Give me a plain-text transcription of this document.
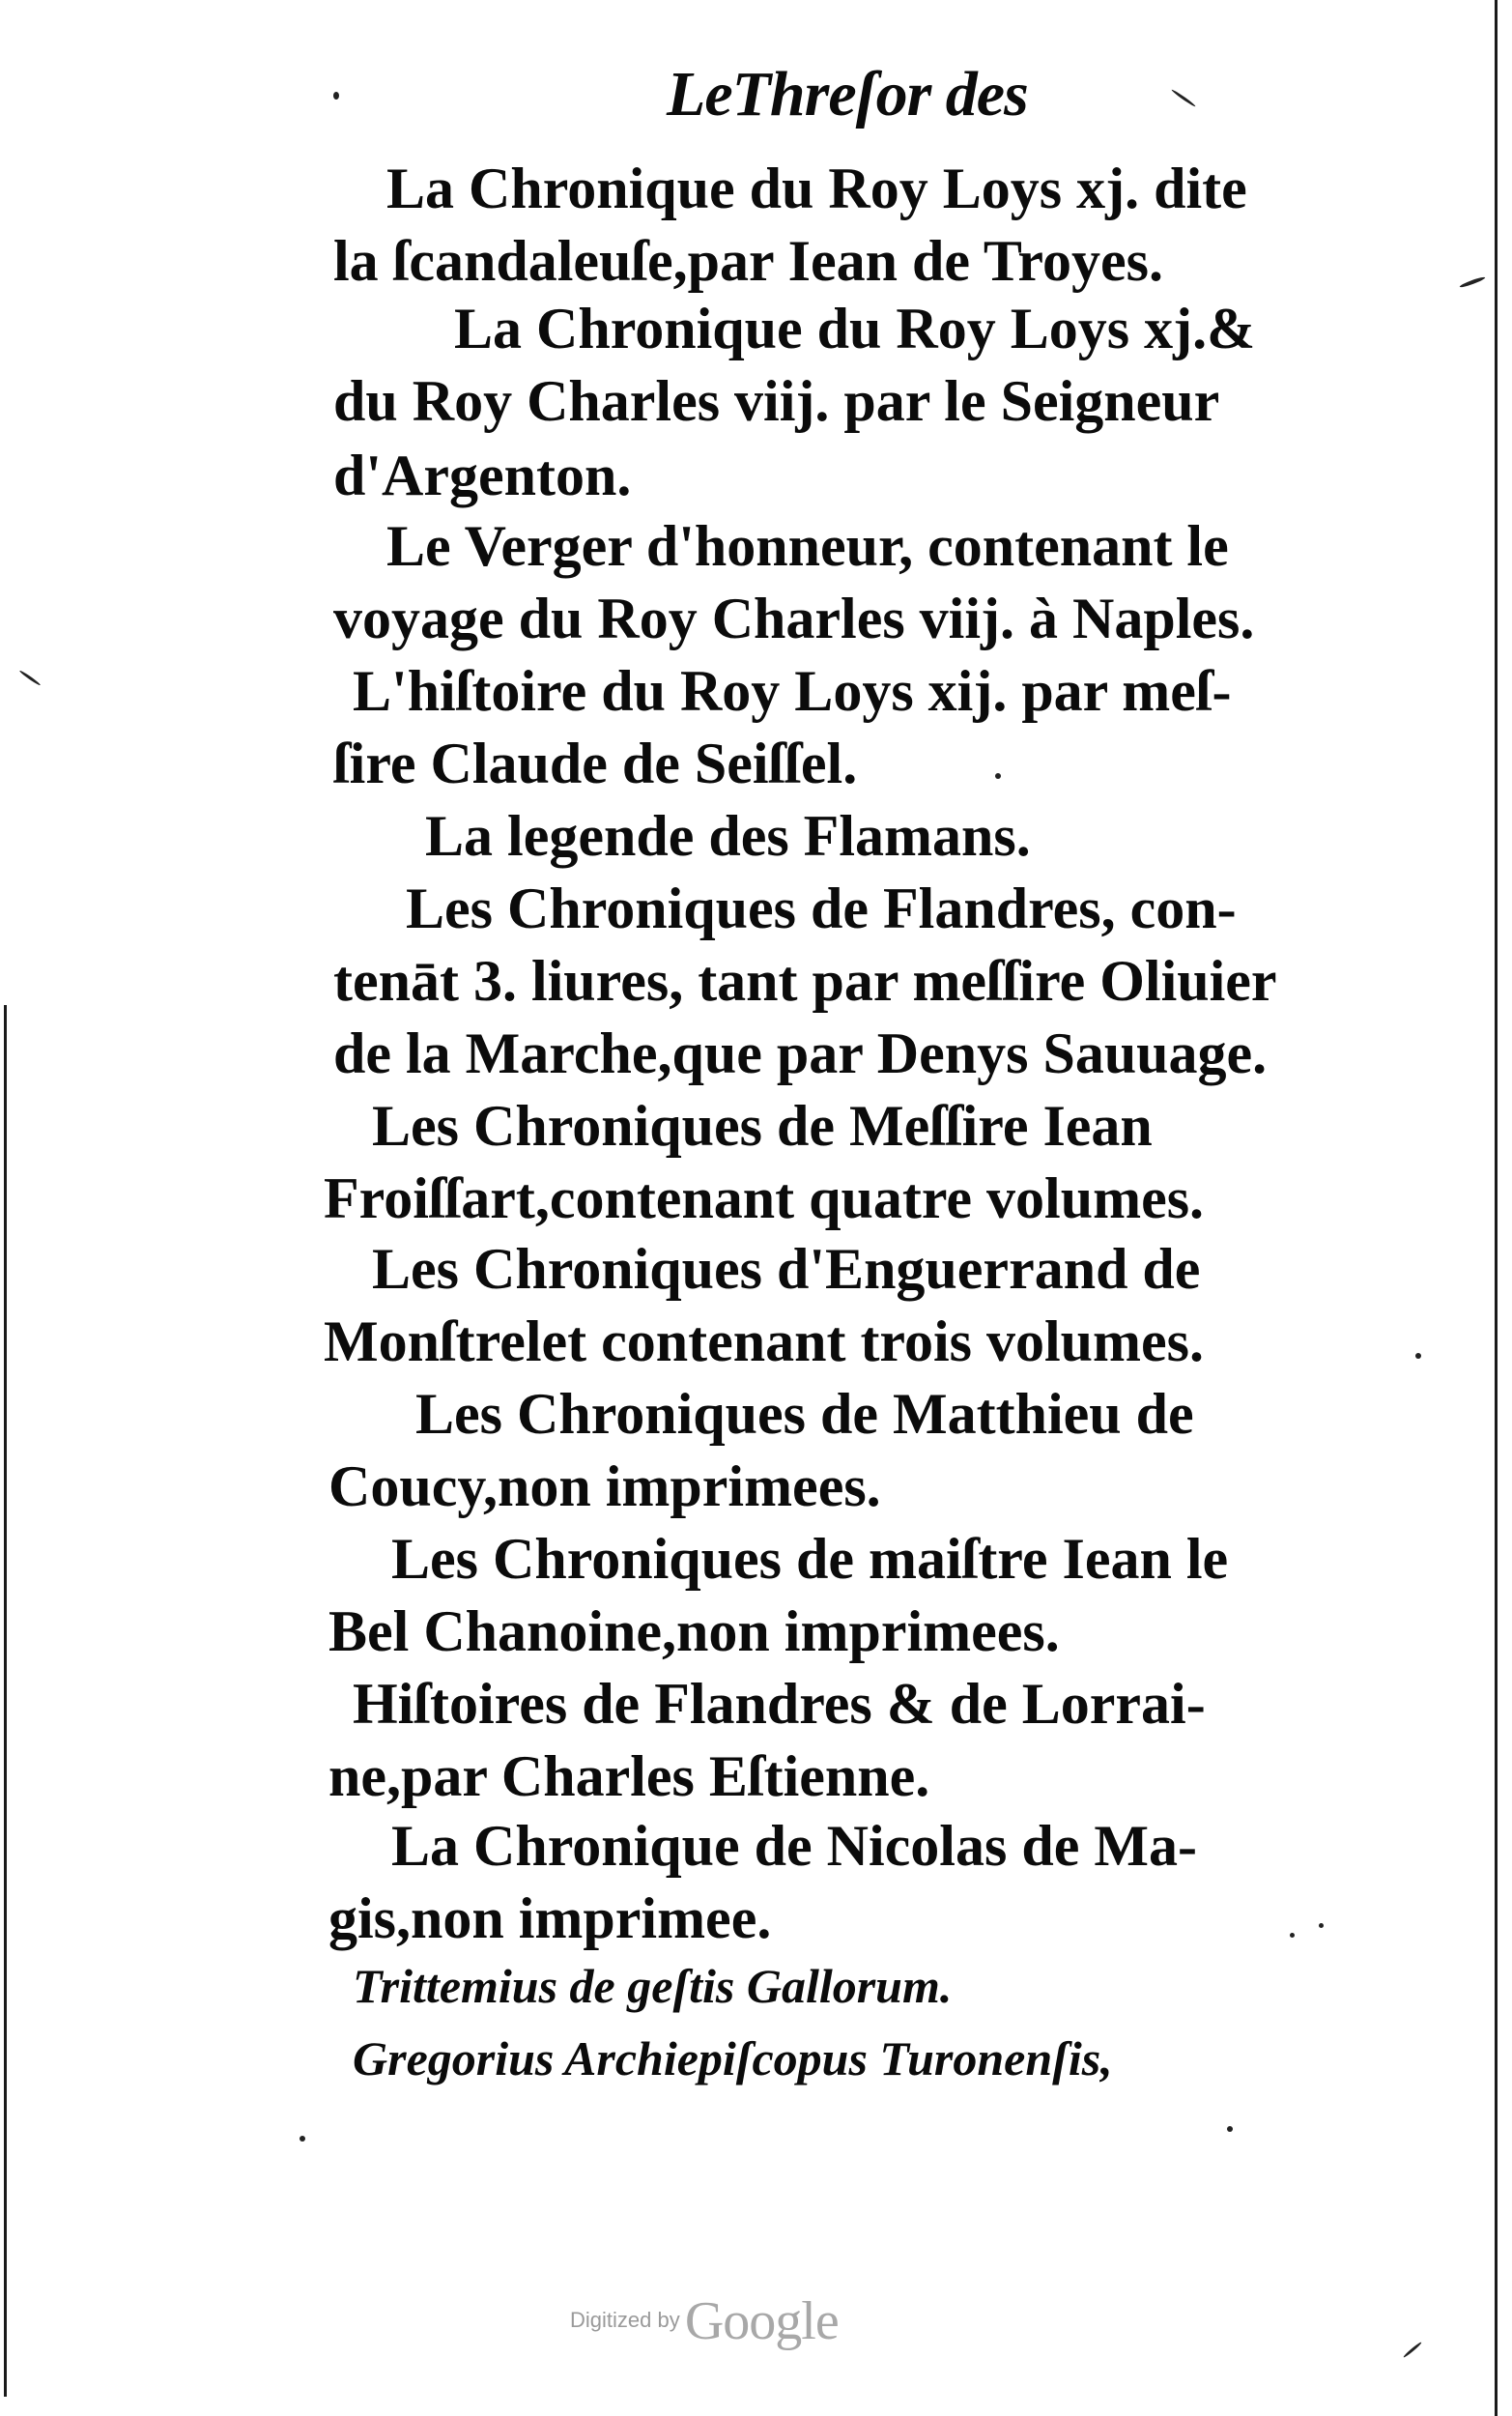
LeThreſor des
La Chronique du Roy Loys xj. dite
la ſcandaleuſe,par Iean de Troyes.
La Chronique du Roy Loys xj.&
du Roy Charles viij. par le Seigneur
d'Argenton.
Le Verger d'honneur, contenant le
voyage du Roy Charles viij. à Naples.
L'hiſtoire du Roy Loys xij. par meſ-
ſire Claude de Seiſſel.
La legende des Flamans.
Les Chroniques de Flandres, con-
tenāt 3. liures, tant par meſſire Oliuier
de la Marche,que par Denys Sauuage.
Les Chroniques de Meſſire Iean
Froiſſart,contenant quatre volumes.
Les Chroniques d'Enguerrand de
Monſtrelet contenant trois volumes.
Les Chroniques de Matthieu de
Coucy,non imprimees.
Les Chroniques de maiſtre Iean le
Bel Chanoine,non imprimees.
Hiſtoires de Flandres & de Lorrai-
ne,par Charles Eſtienne.
La Chronique de Nicolas de Ma-
gis,non imprimee.
Trittemius de geſtis Gallorum.
Gregorius Archiepiſcopus Turonenſis,
Digitized by Google
